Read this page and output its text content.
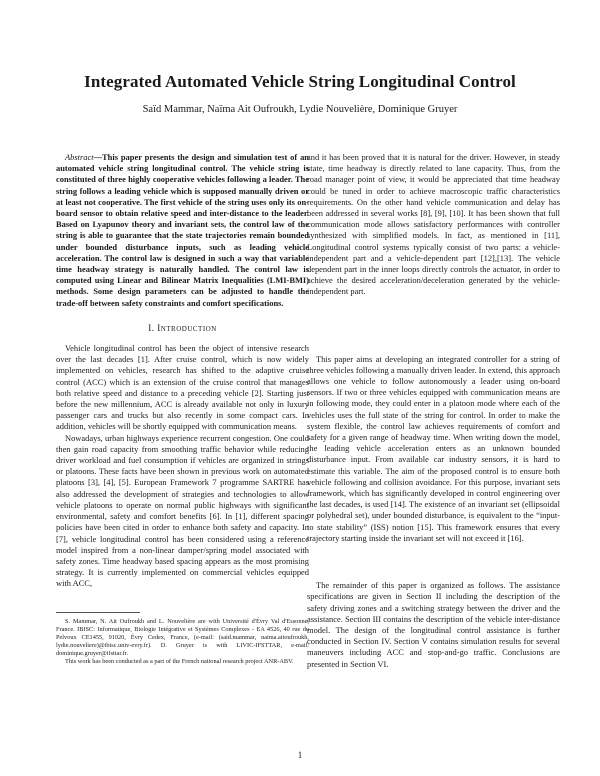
Integrated Automated Vehicle String Longitudinal Control
Saïd Mammar, Naïma Ait Oufroukh, Lydie Nouvelière, Dominique Gruyer

Abstract—This paper presents the design and simulation test of an automated vehicle string longitudinal control. The vehicle string is constituted of three highly cooperative vehicles following a leader. The string follows a leading vehicle which is supposed manually driven or at least not cooperative. The first vehicle of the string uses only its on-board sensor to obtain relative speed and inter-distance to the leader. Based on Lyapunov theory and invariant sets, the control law of the string is able to guarantee that the state trajectories remain bounded under bounded disturbance inputs, such as leading vehicle acceleration. The control law is designed in such a way that variable time headway strategy is naturally handled. The control law is computed using Linear and Bilinear Matrix Inequalities (LMI-BMI) methods. Some design parameters can be adjusted to handle the trade-off between safety constraints and comfort specifications.

I. INTRODUCTION

Vehicle longitudinal control has been the object of intensive research over the last decades [1]. After cruise control, which is now widely implemented on vehicles, research has shifted to the adaptive cruise control (ACC) which is an extension of the cruise control that manages both relative speed and distance to a preceding vehicle [2]. Starting just before the new millennium, ACC is already available not only in luxury passenger cars and trucks but also recently in some compact cars. In addition, vehicles will be shortly equipped with communication means.

Nowadays, urban highways experience recurrent congestion. One could then gain road capacity from smoothing traffic behavior while reducing driver workload and fuel consumption if vehicles are organized in strings or platoons. These facts have been shown in previous work on automated platoons [3], [4], [5]. European Framework 7 programme SARTRE has also addressed the development of strategies and technologies to allow vehicle platoons to operate on normal public highways with significant environmental, safety and comfort benefits [6]. In [1], different spacing policies have been cited in order to enhance both safety and capacity. In [7], vehicle longitudinal control has been considered using a reference model inspired from a non-linear damper/spring model associated with safety zones. Time headway based spacing appears as the most promising strategy. It is currently implemented on commercial vehicles equipped with ACC,

S. Mammar, N. Ait Oufroukh and L. Nouvelière are with Université d'Évry Val d'Essonne, France. IBISC: Informatique, Biologie Intégrative et Systèmes Complexes - EA 4526, 40 rue du Pelvoux CE1455, 91020, Évry Cedex, France, (e-mail: (said.mammar, naima.aitoufroukh, lydie.nouveliere)@ibisc.univ-evry.fr). D. Gruyer is with LIVIC-IFSTTAR, e-mail: dominique.gruyer@ifsttar.fr.

This work has been conducted as a part of the French national research project ANR-ABV.

and it has been proved that it is natural for the driver. However, in steady state, time headway is directly related to lane capacity. Thus, from the road manager point of view, it would be appreciated that time headway could be tuned in order to achieve macroscopic traffic characteristics requirements. On the other hand vehicle communication and delay has been addressed in several works [8], [9], [10]. It has been shown that full communication mode allows satisfactory performances with controller synthesized with simplified models. In fact, as mentioned in [11], Longitudinal control systems typically consist of two parts: a vehicle-independent part and a vehicle-dependent part [12],[13]. The vehicle dependent part in the inner loops directly controls the actuator, in order to achieve the desired acceleration/deceleration generated by the vehicle-independent part.

This paper aims at developing an integrated controller for a string of three vehicles following a manually driven leader. In extend, this approach allows one vehicle to follow autonomously a leader using on-board sensors. If two or three vehicles equipped with communication means are in following mode, they could enter in a platoon mode where each of the vehicles uses the full state of the string for control. In order to make the system flexible, the control law achieves requirements of comfort and safety for a given range of headway time. When writing down the model, the leading vehicle acceleration enters as an unknown bounded disturbance input. From available car industry sensors, it is hard to estimate this variable. The aim of the proposed control is to ensure both vehicle following and collision avoidance. For this purpose, invariant sets framework, which has significantly developed in control engineering over the last decades, is used [14]. The existence of an invariant set (ellipsoidal or polyhedral set), under bounded disturbance, is equivalent to the “input-to state stability” (ISS) notion [15]. This framework ensures that every trajectory starting inside the invariant set will not exceed it [16].

The remainder of this paper is organized as follows. The assistance specifications are given in Section II including the description of the safety driving zones and a switching strategy between the driver and the assistance. Section III contains the description of the vehicle inter-distance model. The design of the longitudinal control assistance is further conducted in Section IV. Section V contains simulation results for several maneuvers including ACC and stop-and-go traffic. Conclusions are presented in Section VI.

1
